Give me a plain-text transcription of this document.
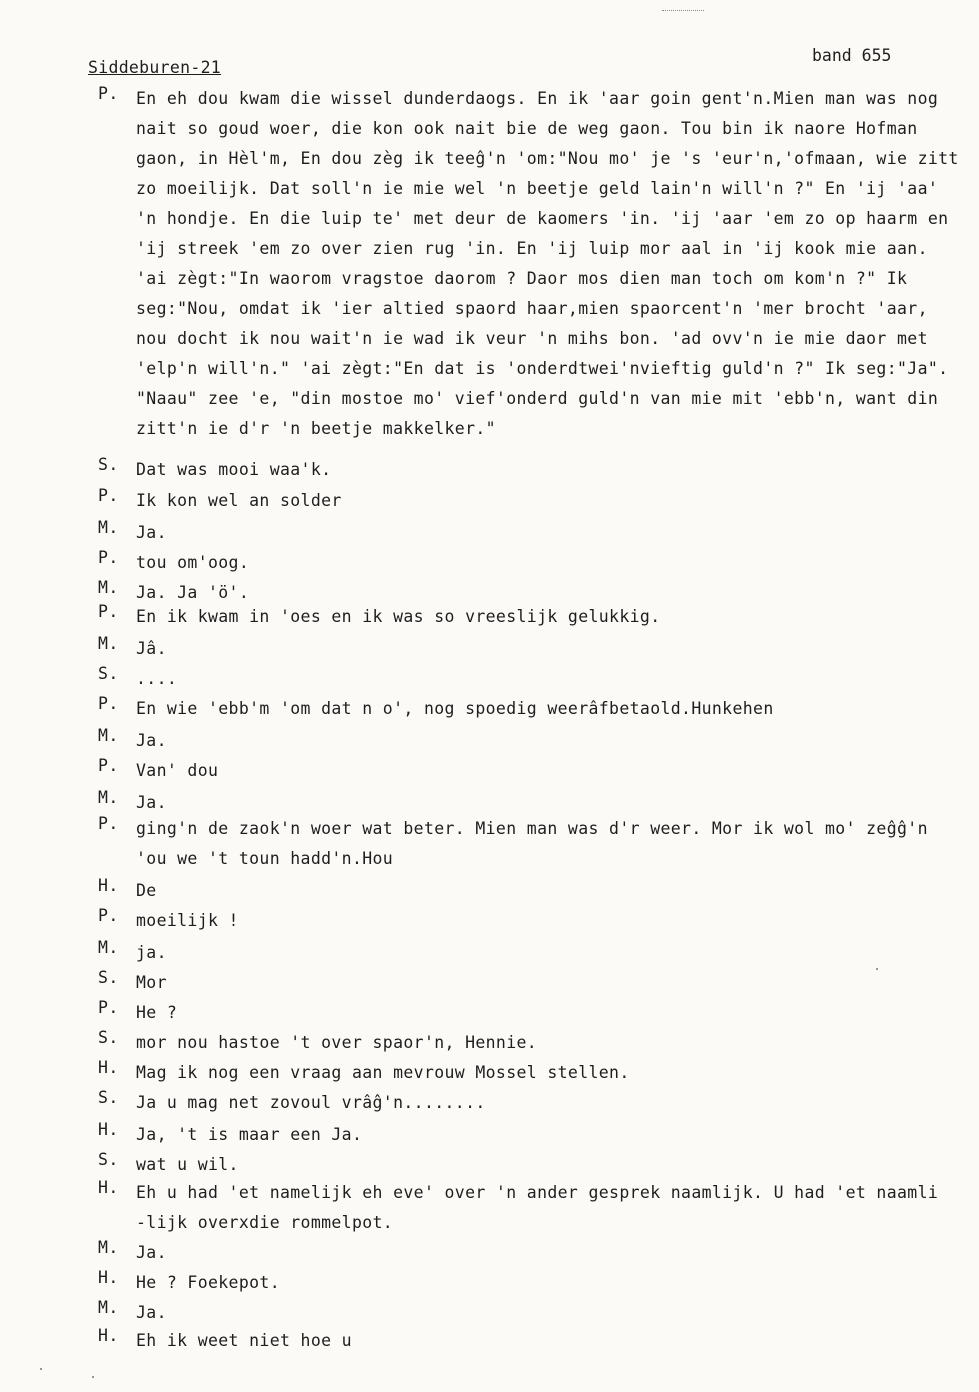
Siddeburen-21
band 655
P.	En eh dou kwam die wissel dunderdaogs. En ik 'aar goin gent'n.Mien man was nog
nait so goud woer, die kon ook nait bie de weg gaon. Tou bin ik naore Hofman
gaon, in Hèl'm, En dou zèg ik teeĝ'n 'om:"Nou mo' je 's 'eur'n,'ofmaan, wie zitt
zo moeilijk. Dat soll'n ie mie wel 'n beetje geld lain'n will'n ?" En 'ij 'aa'
'n hondje. En die luip te' met deur de kaomers 'in. 'ij 'aar 'em zo op haarm en
'ij streek 'em zo over zien rug 'in. En 'ij luip mor aal in 'ij kook mie aan.
'ai zègt:"In waorom vragstoe daorom ? Daor mos dien man toch om kom'n ?" Ik
seg:"Nou, omdat ik 'ier altied spaord haar,mien spaorcent'n 'mer brocht 'aar,
nou docht ik nou wait'n ie wad ik veur 'n mihs bon. 'ad ovv'n ie mie daor met
'elp'n will'n." 'ai zègt:"En dat is 'onderdtwei'nvieftig guld'n ?" Ik seg:"Ja".
"Naau" zee 'e, "din mostoe mo' vief'onderd guld'n van mie mit 'ebb'n, want din
zitt'n ie d'r 'n beetje makkelker."
S.	Dat was mooi waa'k.
P.	Ik kon wel an solder
M.	Ja.
P.	tou om'oog.
M.	Ja. Ja 'ö'.
P.	En ik kwam in 'oes en ik was so vreeslijk gelukkig.
M.	Jâ.
S.	....
P.	En wie 'ebb'm 'om dat n o', nog spoedig weerâfbetaold.Hunkehen
M.	Ja.
P.	Van' dou
M.	Ja.
P.	ging'n de zaok'n woer wat beter. Mien man was d'r weer. Mor ik wol mo' zeĝĝ'n
'ou we 't toun hadd'n.Hou
H.	De
P.	moeilijk !
M.	ja.
S.	Mor
P.	He ?
S.	mor nou hastoe 't over spaor'n, Hennie.
H.	Mag ik nog een vraag aan mevrouw Mossel stellen.
S.	Ja u mag net zovoul vrâĝ'n........
H.	Ja, 't is maar een Ja.
S.	wat u wil.
H.	Eh u had 'et namelijk eh eve' over 'n ander gesprek naamlijk. U had 'et naamli
-lijk overxdie rommelpot.
M.	Ja.
H.	He ? Foekepot.
M.	Ja.
H.	Eh ik weet niet hoe u
